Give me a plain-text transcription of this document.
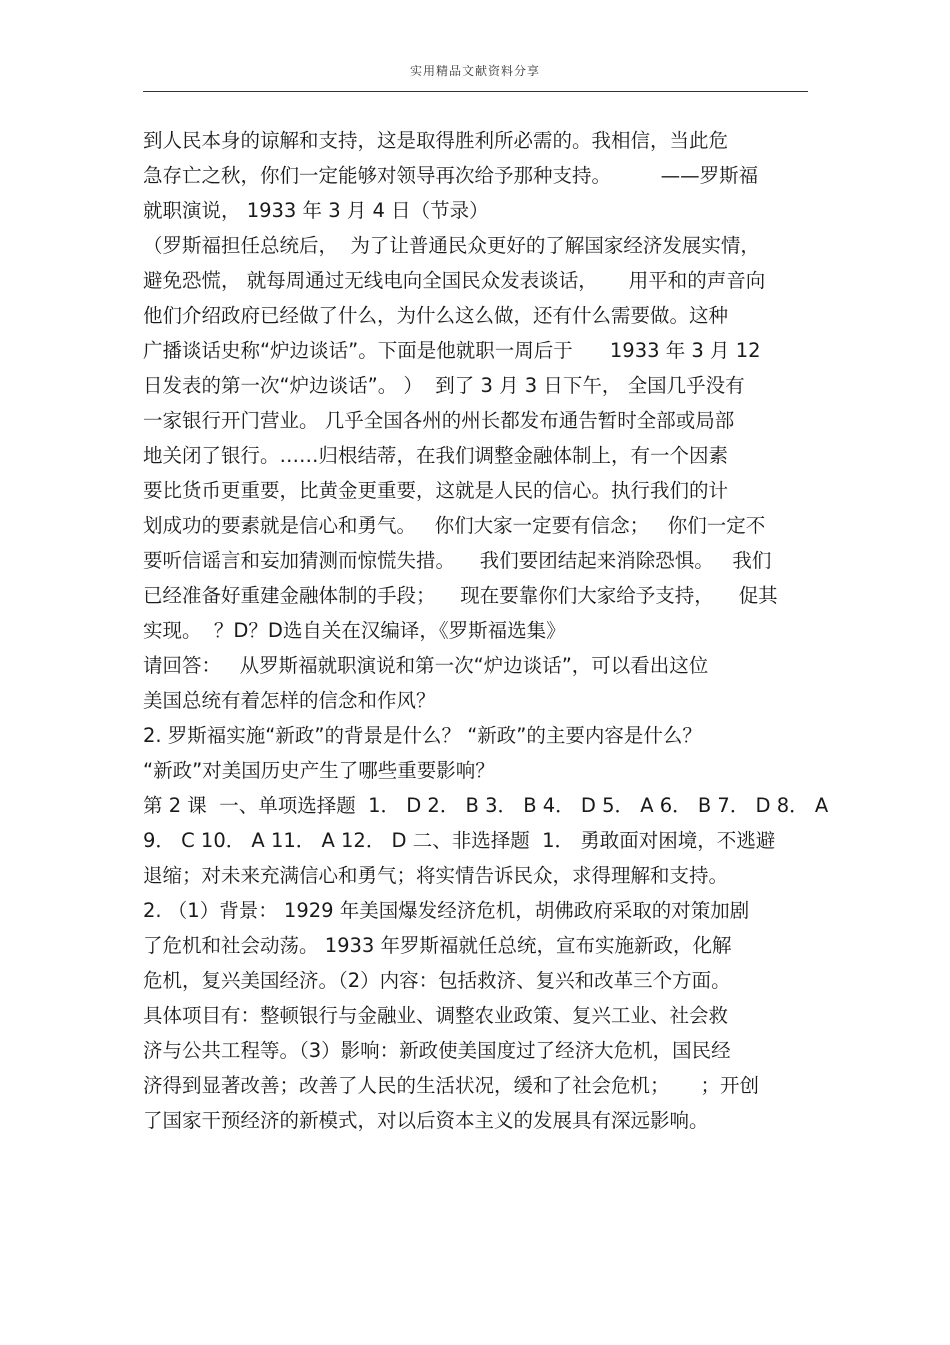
实用精品文献资料分享
到人民本身的谅解和支持，这是取得胜利所必需的。我相信，当此危
急存亡之秋，你们一定能够对领导再次给予那种支持。        ——罗斯福
就职演说， 1933 年 3 月 4 日（节录）
（罗斯福担任总统后，  为了让普通民众更好的了解国家经济发展实情，
避免恐慌， 就每周通过无线电向全国民众发表谈话，     用平和的声音向
他们介绍政府已经做了什么，为什么这么做，还有什么需要做。这种
广播谈话史称“炉边谈话”。下面是他就职一周后于      1933 年 3 月 12
日发表的第一次“炉边谈话”。 ）  到了 3 月 3 日下午， 全国几乎没有
一家银行开门营业。 几乎全国各州的州长都发布通告暂时全部或局部
地关闭了银行。……归根结蒂，在我们调整金融体制上，有一个因素
要比货币更重要，比黄金更重要，这就是人民的信心。执行我们的计
划成功的要素就是信心和勇气。   你们大家一定要有信念；   你们一定不
要听信谣言和妄加猜测而惊慌失措。    我们要团结起来消除恐惧。   我们
已经准备好重建金融体制的手段；    现在要靠你们大家给予支持，    促其
实现。  ？D？D选自关在汉编译，《罗斯福选集》
请回答：   从罗斯福就职演说和第一次“炉边谈话”，可以看出这位
美国总统有着怎样的信念和作风？
2. 罗斯福实施“新政”的背景是什么？ “新政”的主要内容是什么？
“新政”对美国历史产生了哪些重要影响？
第 2 课  一、单项选择题  1． D 2． B 3． B 4． D 5． A 6． B 7． D 8． A
9． C 10． A 11． A 12． D 二、非选择题  1． 勇敢面对困境，不逃避
退缩；对未来充满信心和勇气；将实情告诉民众，求得理解和支持。
2. （1）背景： 1929 年美国爆发经济危机，胡佛政府采取的对策加剧
了危机和社会动荡。 1933 年罗斯福就任总统，宣布实施新政，化解
危机，复兴美国经济。（2）内容：包括救济、复兴和改革三个方面。
具体项目有：整顿银行与金融业、调整农业政策、复兴工业、社会救
济与公共工程等。（3）影响：新政使美国度过了经济大危机，国民经
济得到显著改善；改善了人民的生活状况，缓和了社会危机；     ；开创
了国家干预经济的新模式，对以后资本主义的发展具有深远影响。
